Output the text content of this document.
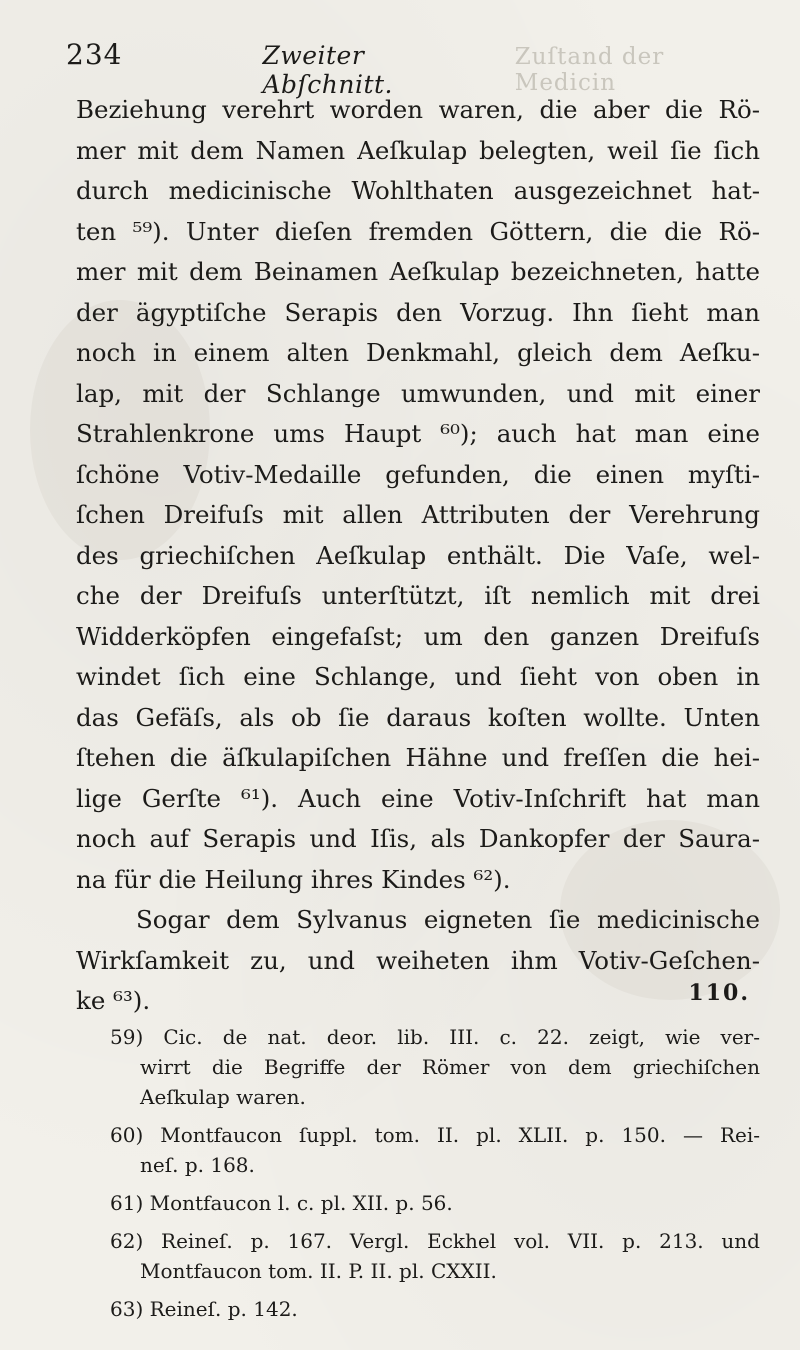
234	Zweiter Abſchnitt.
Zuſtand der Medicin
Beziehung verehrt worden waren, die aber die Rö-
mer mit dem Namen Aeſkulap belegten, weil ſie ſich
durch medicinische Wohlthaten ausgezeichnet hat-
ten ⁵⁹). Unter dieſen fremden Göttern, die die Rö-
mer mit dem Beinamen Aeſkulap bezeichneten, hatte
der ägyptiſche Serapis den Vorzug. Ihn ſieht man
noch in einem alten Denkmahl, gleich dem Aeſku-
lap, mit der Schlange umwunden, und mit einer
Strahlenkrone ums Haupt ⁶⁰); auch hat man eine
ſchöne Votiv-Medaille gefunden, die einen myſti-
ſchen Dreifuſs mit allen Attributen der Verehrung
des griechiſchen Aeſkulap enthält. Die Vaſe, wel-
che der Dreifuſs unterſtützt, iſt nemlich mit drei
Widderköpfen eingefaſst; um den ganzen Dreifuſs
windet ſich eine Schlange, und ſieht von oben in
das Gefäſs, als ob ſie daraus koſten wollte. Unten
ſtehen die äſkulapiſchen Hähne und freſſen die hei-
lige Gerſte ⁶¹). Auch eine Votiv-Inſchrift hat man
noch auf Serapis und Iſis, als Dankopfer der Saura-
na für die Heilung ihres Kindes ⁶²).
Sogar dem Sylvanus eigneten ſie medicinische
Wirkſamkeit zu, und weiheten ihm Votiv-Geſchen-
ke ⁶³).	110.
59) Cic. de nat. deor. lib. III. c. 22. zeigt, wie ver-
wirrt die Begriffe der Römer von dem griechiſchen
Aeſkulap waren.
60) Montfaucon ſuppl. tom. II. pl. XLII. p. 150. — Rei-
neſ. p. 168.
61) Montfaucon l. c. pl. XII. p. 56.
62) Reineſ. p. 167. Vergl. Eckhel vol. VII. p. 213. und
Montfaucon tom. II. P. II. pl. CXXII.
63) Reineſ. p. 142.
